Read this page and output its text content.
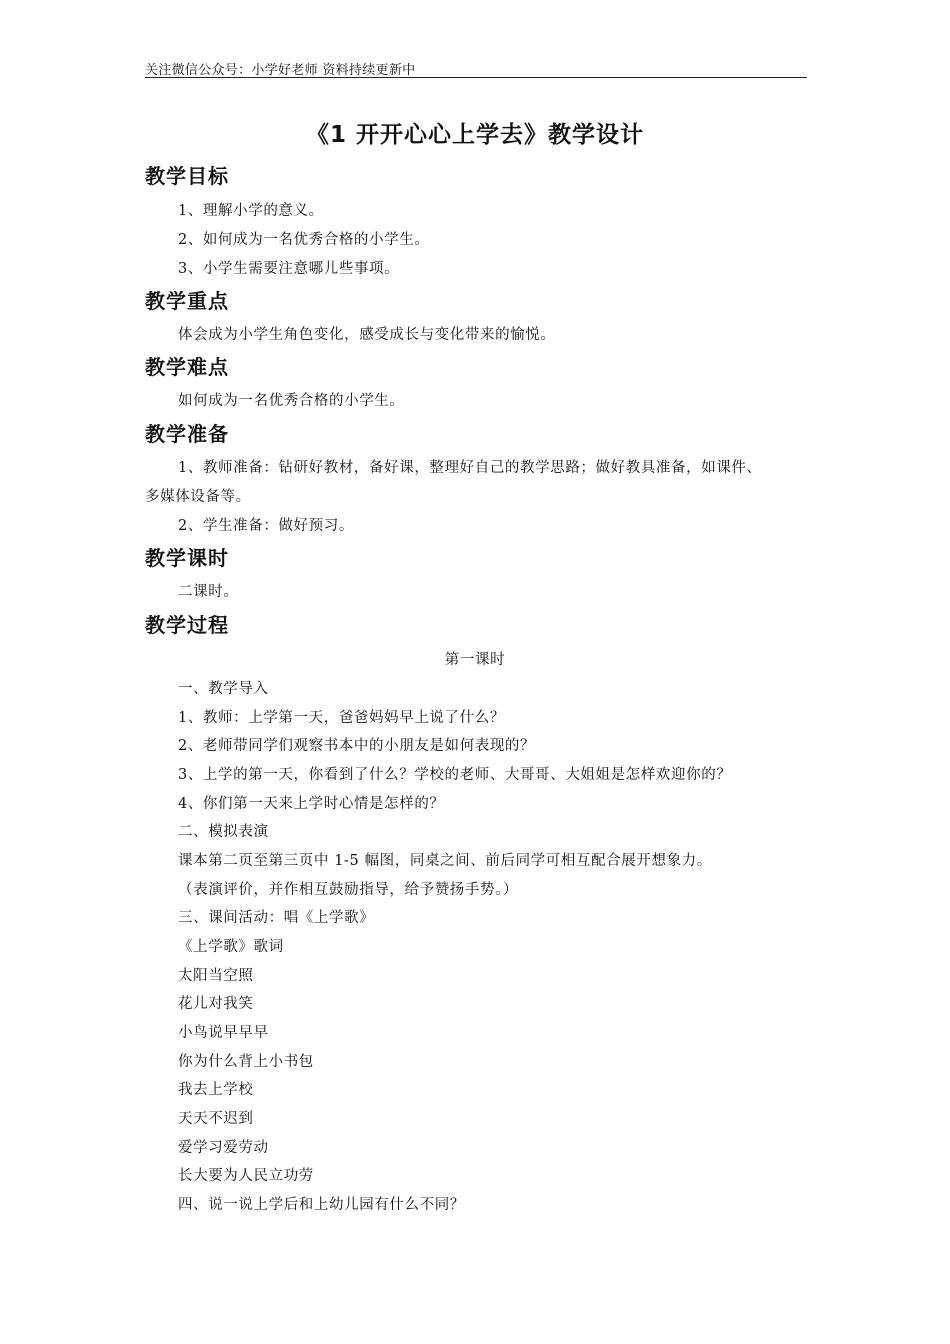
关注微信公众号：小学好老师 资料持续更新中
《1 开开心心上学去》教学设计
教学目标
1、理解小学的意义。
2、如何成为一名优秀合格的小学生。
3、小学生需要注意哪儿些事项。
教学重点
体会成为小学生角色变化，感受成长与变化带来的愉悦。
教学难点
如何成为一名优秀合格的小学生。
教学准备
1、教师准备：钻研好教材，备好课，整理好自己的教学思路；做好教具准备，如课件、
多媒体设备等。
2、学生准备：做好预习。
教学课时
二课时。
教学过程
第一课时
一、教学导入
1、教师：上学第一天，爸爸妈妈早上说了什么？
2、老师带同学们观察书本中的小朋友是如何表现的？
3、上学的第一天，你看到了什么？学校的老师、大哥哥、大姐姐是怎样欢迎你的？
4、你们第一天来上学时心情是怎样的？
二、模拟表演
课本第二页至第三页中 1-5 幅图，同桌之间、前后同学可相互配合展开想象力。
（表演评价，并作相互鼓励指导，给予赞扬手势。）
三、课间活动：唱《上学歌》
《上学歌》歌词
太阳当空照
花儿对我笑
小鸟说早早早
你为什么背上小书包
我去上学校
天天不迟到
爱学习爱劳动
长大要为人民立功劳
四、说一说上学后和上幼儿园有什么不同？
